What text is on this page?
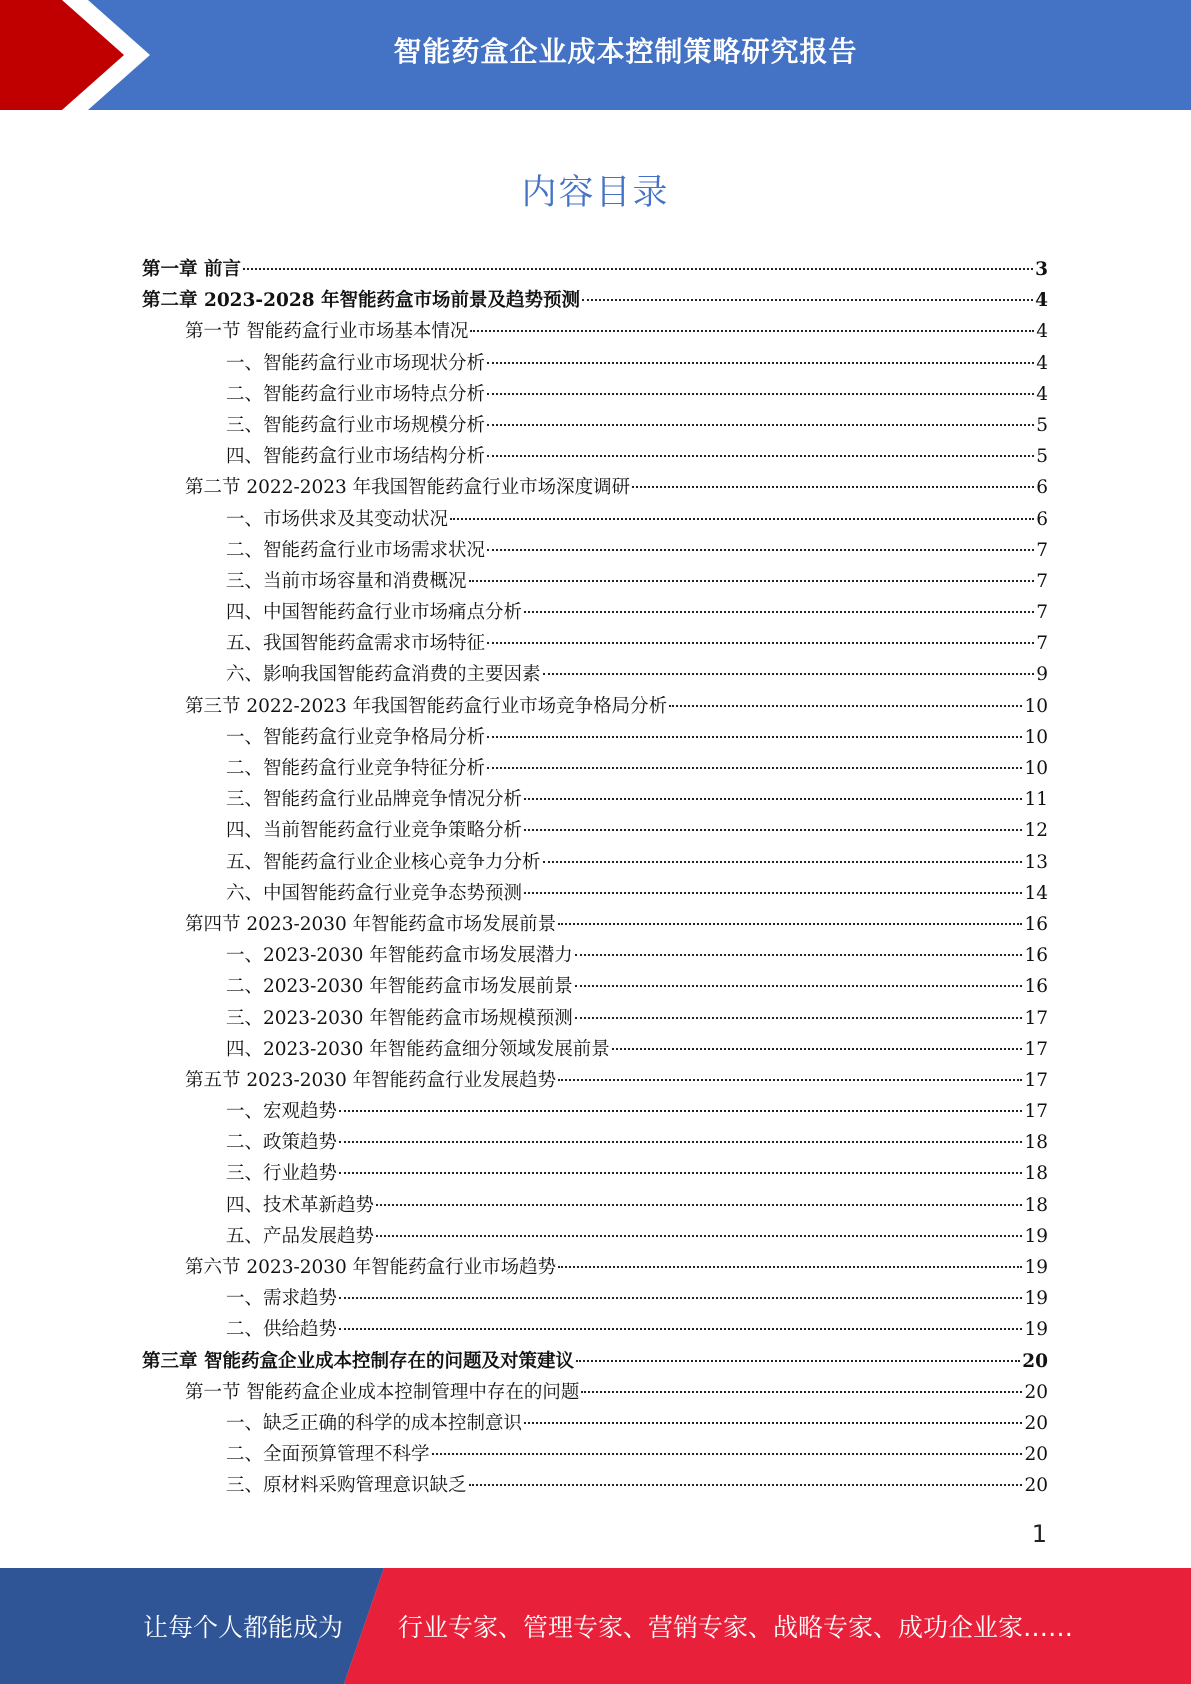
智能药盒企业成本控制策略研究报告
内容目录
第一章 前言	3
第二章 2023-2028 年智能药盒市场前景及趋势预测	4
第一节 智能药盒行业市场基本情况	4
一、智能药盒行业市场现状分析	4
二、智能药盒行业市场特点分析	4
三、智能药盒行业市场规模分析	5
四、智能药盒行业市场结构分析	5
第二节 2022-2023 年我国智能药盒行业市场深度调研	6
一、市场供求及其变动状况	6
二、智能药盒行业市场需求状况	7
三、当前市场容量和消费概况	7
四、中国智能药盒行业市场痛点分析	7
五、我国智能药盒需求市场特征	7
六、影响我国智能药盒消费的主要因素	9
第三节 2022-2023 年我国智能药盒行业市场竞争格局分析	10
一、智能药盒行业竞争格局分析	10
二、智能药盒行业竞争特征分析	10
三、智能药盒行业品牌竞争情况分析	11
四、当前智能药盒行业竞争策略分析	12
五、智能药盒行业企业核心竞争力分析	13
六、中国智能药盒行业竞争态势预测	14
第四节 2023-2030 年智能药盒市场发展前景	16
一、2023-2030 年智能药盒市场发展潜力	16
二、2023-2030 年智能药盒市场发展前景	16
三、2023-2030 年智能药盒市场规模预测	17
四、2023-2030 年智能药盒细分领域发展前景	17
第五节 2023-2030 年智能药盒行业发展趋势	17
一、宏观趋势	17
二、政策趋势	18
三、行业趋势	18
四、技术革新趋势	18
五、产品发展趋势	19
第六节 2023-2030 年智能药盒行业市场趋势	19
一、需求趋势	19
二、供给趋势	19
第三章 智能药盒企业成本控制存在的问题及对策建议	20
第一节 智能药盒企业成本控制管理中存在的问题	20
一、缺乏正确的科学的成本控制意识	20
二、全面预算管理不科学	20
三、原材料采购管理意识缺乏	20
1
让每个人都能成为 行业专家、管理专家、营销专家、战略专家、成功企业家……
